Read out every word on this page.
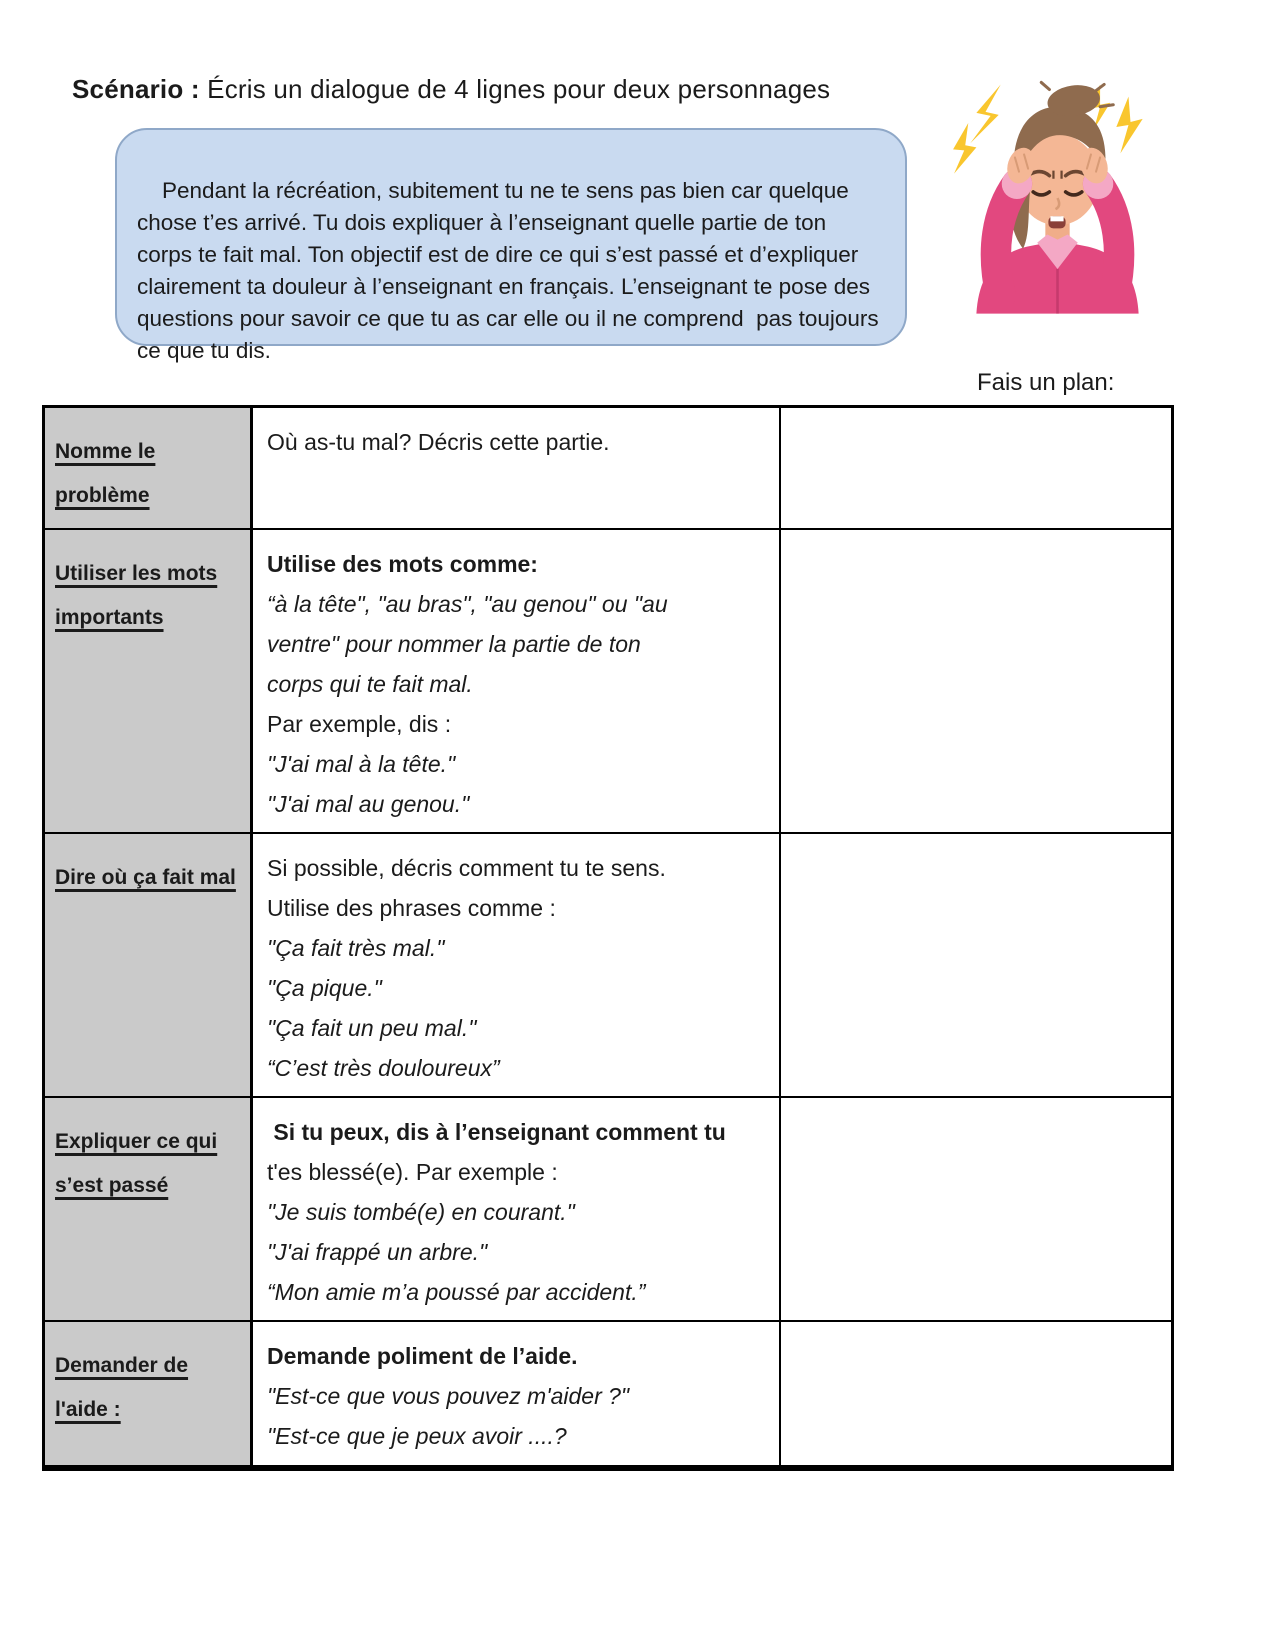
Scénario : Écris un dialogue de 4 lignes pour deux personnages

Pendant la récréation, subitement tu ne te sens pas bien car quelque chose t’es arrivé. Tu dois expliquer à l’enseignant quelle partie de ton corps te fait mal. Ton objectif est de dire ce qui s’est passé et d’expliquer clairement ta douleur à l’enseignant en français. L’enseignant te pose des questions pour savoir ce que tu as car elle ou il ne comprend  pas toujours ce que tu dis.

Fais un plan:
Nomme le problème
Où as-tu mal? Décris cette partie.
Utiliser les mots importants
Utilise des mots comme:
“à la tête", "au bras", "au genou" ou "au
ventre" pour nommer la partie de ton
corps qui te fait mal.
Par exemple, dis :
"J'ai mal à la tête."
"J'ai mal au genou."
Dire où ça fait mal	Si possible, décris comment tu te sens.
Utilise des phrases comme :
"Ça fait très mal."
"Ça pique."
"Ça fait un peu mal."
“C’est très douloureux”
Expliquer ce qui s’est passé
Si tu peux, dis à l’enseignant comment tu
t'es blessé(e). Par exemple :
"Je suis tombé(e) en courant."
"J'ai frappé un arbre."
“Mon amie m’a poussé par accident.”
Demander de l'aide :
Demande poliment de l’aide.
"Est-ce que vous pouvez m'aider ?"
"Est-ce que je peux avoir ....?
